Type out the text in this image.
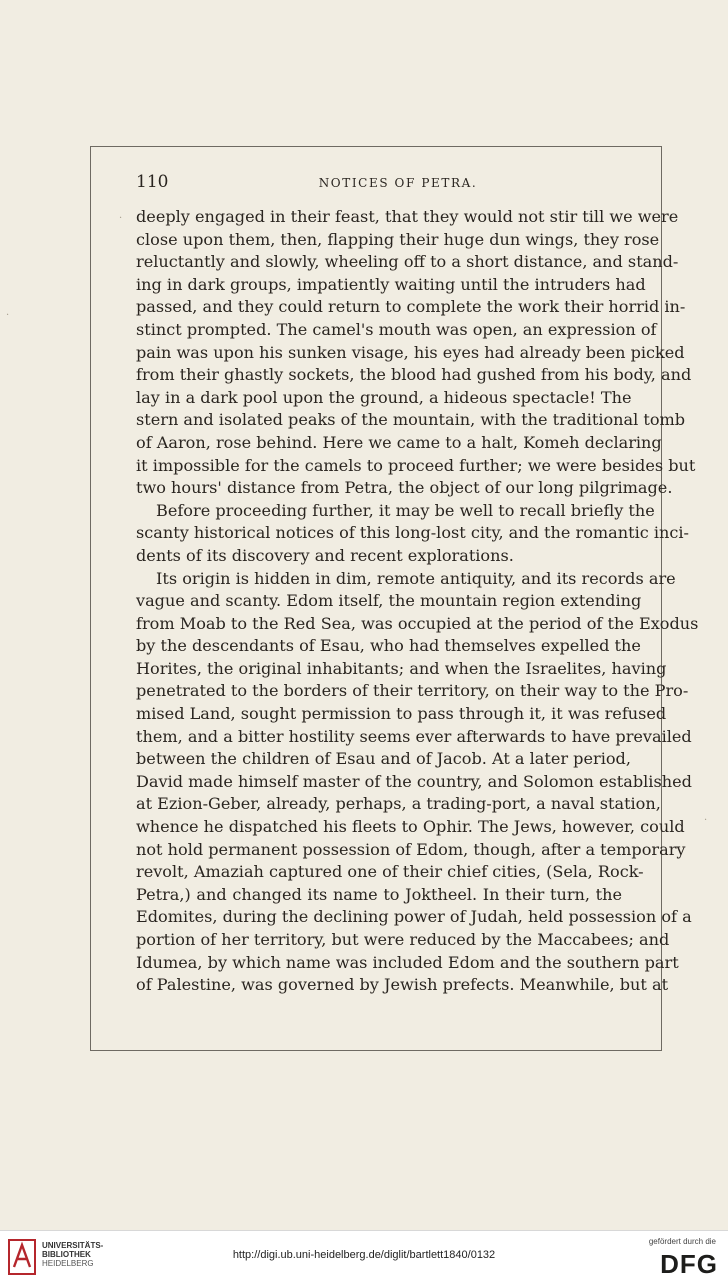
110	NOTICES OF PETRA.
deeply engaged in their feast, that they would not stir till we were
close upon them, then, flapping their huge dun wings, they rose
reluctantly and slowly, wheeling off to a short distance, and stand-
ing in dark groups, impatiently waiting until the intruders had
passed, and they could return to complete the work their horrid in-
stinct prompted. The camel's mouth was open, an expression of
pain was upon his sunken visage, his eyes had already been picked
from their ghastly sockets, the blood had gushed from his body, and
lay in a dark pool upon the ground, a hideous spectacle! The
stern and isolated peaks of the mountain, with the traditional tomb
of Aaron, rose behind. Here we came to a halt, Komeh declaring
it impossible for the camels to proceed further; we were besides but
two hours' distance from Petra, the object of our long pilgrimage.
Before proceeding further, it may be well to recall briefly the
scanty historical notices of this long-lost city, and the romantic inci-
dents of its discovery and recent explorations.
Its origin is hidden in dim, remote antiquity, and its records are
vague and scanty. Edom itself, the mountain region extending
from Moab to the Red Sea, was occupied at the period of the Exodus
by the descendants of Esau, who had themselves expelled the
Horites, the original inhabitants; and when the Israelites, having
penetrated to the borders of their territory, on their way to the Pro-
mised Land, sought permission to pass through it, it was refused
them, and a bitter hostility seems ever afterwards to have prevailed
between the children of Esau and of Jacob. At a later period,
David made himself master of the country, and Solomon established
at Ezion-Geber, already, perhaps, a trading-port, a naval station,
whence he dispatched his fleets to Ophir. The Jews, however, could
not hold permanent possession of Edom, though, after a temporary
revolt, Amaziah captured one of their chief cities, (Sela, Rock-
Petra,) and changed its name to Joktheel. In their turn, the
Edomites, during the declining power of Judah, held possession of a
portion of her territory, but were reduced by the Maccabees; and
Idumea, by which name was included Edom and the southern part
of Palestine, was governed by Jewish prefects. Meanwhile, but at
·
·
·
UNIVERSITÄTS-
BIBLIOTHEK
HEIDELBERG
http://digi.ub.uni-heidelberg.de/diglit/bartlett1840/0132
gefördert durch die
DFG
